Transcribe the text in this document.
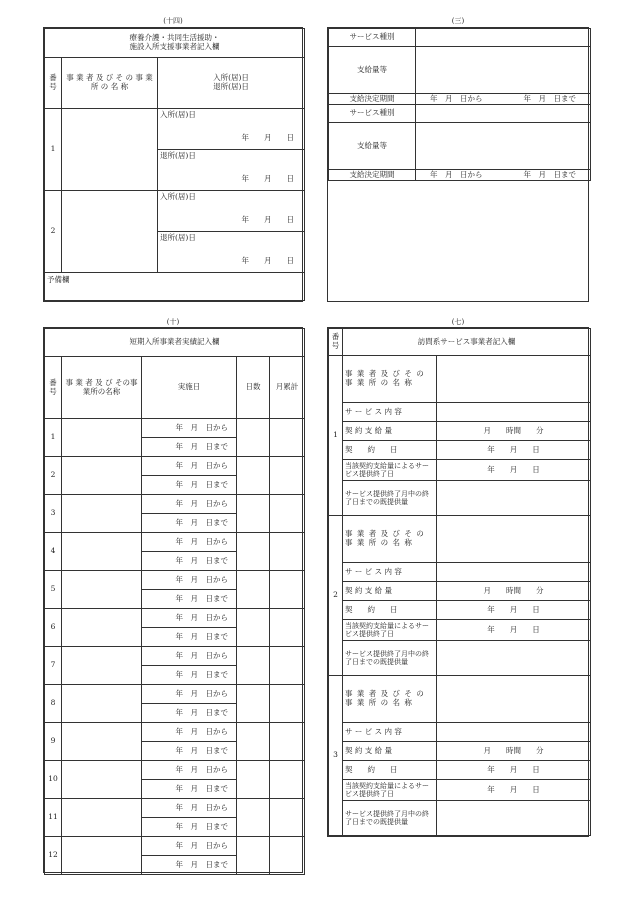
(十四)	(三)
(十)	(七)
療養介護・共同生活援助・
施設入所支援事業者記入欄		

番号	事 業 者 及 び そ の 事 業 所 の 名 称	入所(居)日
退所(居)日

1		入所(居)日
年　　月　　日

		退所(居)日
年　　月　　日

2		入所(居)日
年　　月　　日

		退所(居)日
年　　月　　日

予備欄		
サービス種別	
支給量等	
支給決定期間	年　月　日から 年　月　日まで

サービス種別	
支給量等	
支給決定期間	年　月　日から 年　月　日まで
短期入所事業者実績記入欄				
番号	事 業 者 及 び その事業所の名称	実施日	日数	月累計
1		年　月　日から		
		年　月　日まで		
2		年　月　日から		
		年　月　日まで		
3		年　月　日から		
		年　月　日まで		
4		年　月　日から		
		年　月　日まで		
5		年　月　日から		
		年　月　日まで		
6		年　月　日から		
		年　月　日まで		
7		年　月　日から		
		年　月　日まで		
8		年　月　日から		
		年　月　日まで		
9		年　月　日から		
		年　月　日まで		
10		年　月　日から		
		年　月　日まで		
11		年　月　日から		
		年　月　日まで		
12		年　月　日から		
		年　月　日まで		
番号	訪問系サービス事業者記入欄	
1	事 業 者 及 び そ の 事 業 所 の 名 称	
	サ ー ビ ス 内 容	
	契 約 支 給 量	月　　時間　　分
	契　　約　　日	年　　月　　日
	当該契約支給量によるサービス提供終了日	年　　月　　日
	サービス提供終了月中の終了日までの既提供量	
2	事 業 者 及 び そ の 事 業 所 の 名 称	
	サ ー ビ ス 内 容	
	契 約 支 給 量	月　　時間　　分
	契　　約　　日	年　　月　　日
	当該契約支給量によるサービス提供終了日	年　　月　　日
	サービス提供終了月中の終了日までの既提供量	
3	事 業 者 及 び そ の 事 業 所 の 名 称	
	サ ー ビ ス 内 容	
	契 約 支 給 量	月　　時間　　分
	契　　約　　日	年　　月　　日
	当該契約支給量によるサービス提供終了日	年　　月　　日
	サービス提供終了月中の終了日までの既提供量	
